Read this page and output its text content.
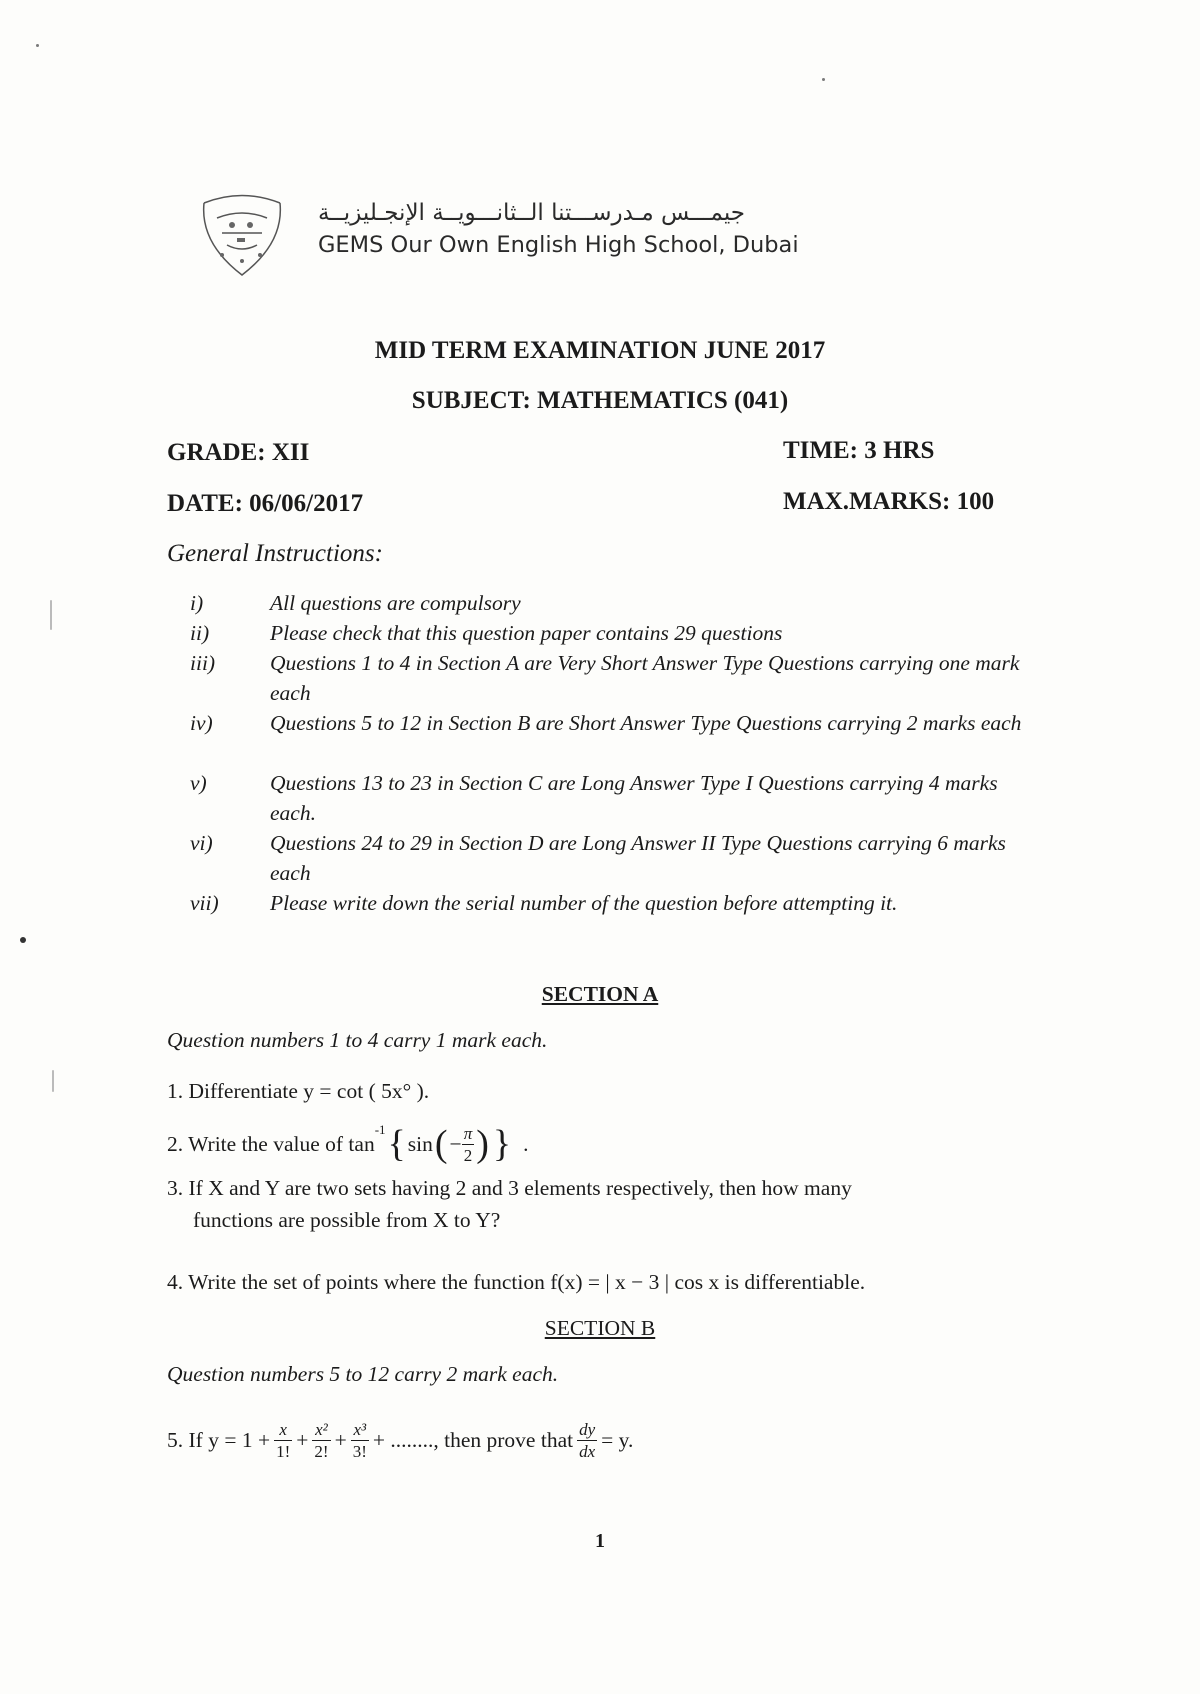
جيمـــس مـدرســـتنا الــثانـــويــة الإنجـليزيــة
GEMS Our Own English High School, Dubai
MID TERM EXAMINATION JUNE 2017
SUBJECT: MATHEMATICS (041)
GRADE: XII	TIME: 3 HRS
DATE: 06/06/2017	MAX.MARKS: 100
General Instructions:
i)	All questions are compulsory
ii)	Please check that this question paper contains 29 questions
iii)	Questions 1 to 4 in Section A are Very Short Answer Type Questions carrying one mark each
iv)	Questions 5 to 12 in Section B are Short Answer Type Questions carrying 2 marks each
v)	Questions 13 to 23 in Section C are Long Answer Type I Questions carrying 4 marks each.
vi)	Questions 24 to 29 in Section D are Long Answer II Type Questions carrying 6 marks each
vii)	Please write down the serial number of the question before attempting it.
SECTION A
Question numbers 1 to 4 carry 1 mark each.
1. Differentiate y = cot ( 5x° ).
2. Write the value of tan
$^{-1}$ { sin ( − $\frac{\pi}{2}$ ) } .
3. If X and Y are two sets having 2 and 3 elements respectively, then how many
functions are possible from X to Y?
4. Write the set of points where the function f(x) = | x − 3 | cos x is differentiable.
SECTION B
Question numbers 5 to 12 carry 2 mark each.
5. If $y = 1 + \frac{x}{1!} + \frac{\text{x²}}{2!} + \frac{\text{x³}}{3!}$ + ........, then prove that $\frac{dy}{dx} = y$.
1
